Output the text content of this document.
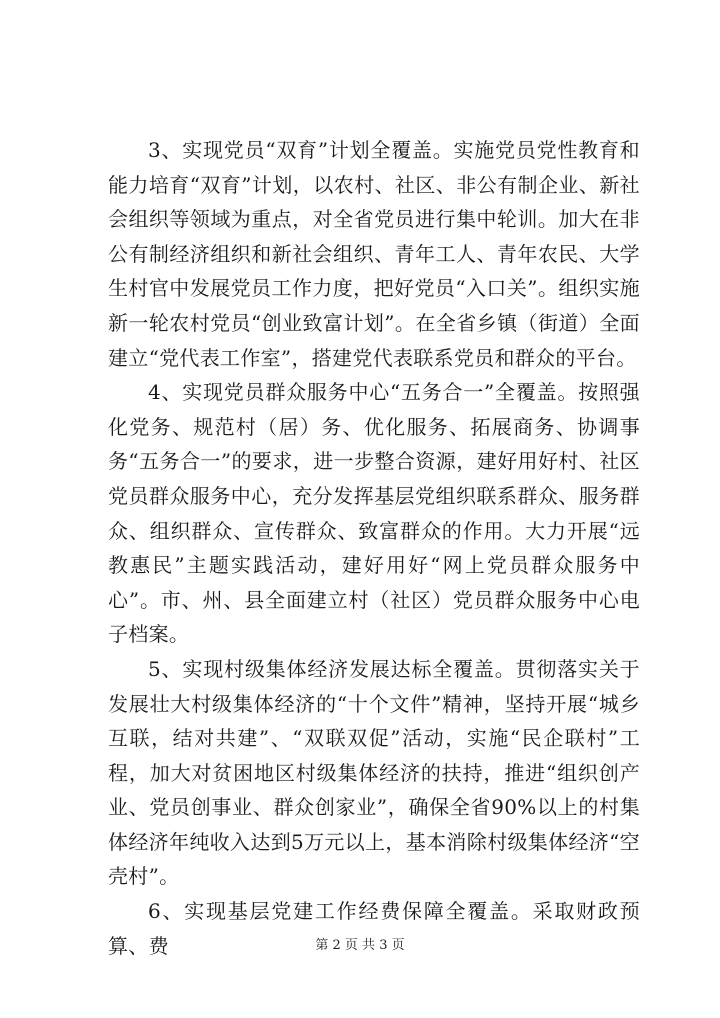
3、实现党员“双育”计划全覆盖。实施党员党性教育和能力培育“双育”计划，以农村、社区、非公有制企业、新社会组织等领域为重点，对全省党员进行集中轮训。加大在非公有制经济组织和新社会组织、青年工人、青年农民、大学生村官中发展党员工作力度，把好党员“入口关”。组织实施新一轮农村党员“创业致富计划”。在全省乡镇（街道）全面建立“党代表工作室”，搭建党代表联系党员和群众的平台。

4、实现党员群众服务中心“五务合一”全覆盖。按照强化党务、规范村（居）务、优化服务、拓展商务、协调事务“五务合一”的要求，进一步整合资源，建好用好村、社区党员群众服务中心，充分发挥基层党组织联系群众、服务群众、组织群众、宣传群众、致富群众的作用。大力开展“远教惠民”主题实践活动，建好用好“网上党员群众服务中心”。市、州、县全面建立村（社区）党员群众服务中心电子档案。

5、实现村级集体经济发展达标全覆盖。贯彻落实关于发展壮大村级集体经济的“十个文件”精神，坚持开展“城乡互联，结对共建”、“双联双促”活动，实施“民企联村”工程，加大对贫困地区村级集体经济的扶持，推进“组织创产业、党员创事业、群众创家业”，确保全省90%以上的村集体经济年纯收入达到5万元以上，基本消除村级集体经济“空壳村”。

6、实现基层党建工作经费保障全覆盖。采取财政预算、费	第 2 页 共 3 页
